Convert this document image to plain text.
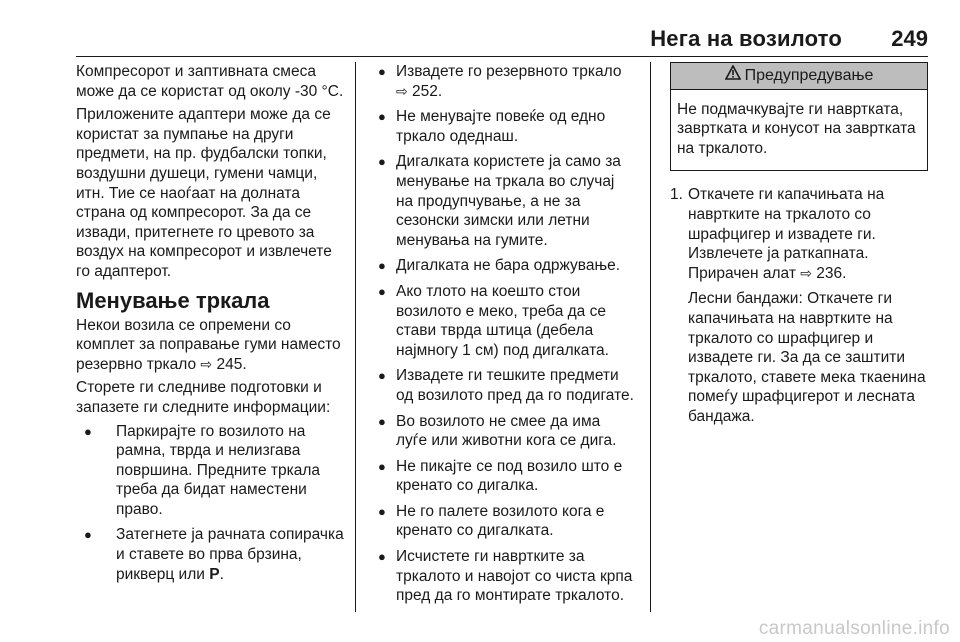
Нега на возилото 249

Компресорот и заптивната смеса може да се користат од околу -30 °C.

Приложените адаптери може да се користат за пумпање на други предмети, на пр. фудбалски топки, воздушни душеци, гумени чамци, итн. Тие се наоѓаат на долната страна од компресорот. За да се извади, притегнете го цревото за воздух на компресорот и извлечете го адаптерот.

Менување тркала

Некои возила се опремени со комплет за поправање гуми наместо резервно тркало ⇨ 245.

Сторете ги следниве подготовки и запазете ги следните информации:

● Паркирајте го возилото на рамна, тврда и нелизгава површина. Предните тркала треба да бидат наместени право.
● Затегнете ја рачната сопирачка и ставете во прва брзина, рикверц или P.
● Извадете го резервното тркало ⇨ 252.
● Не менувајте повеќе од едно тркало одеднаш.
● Дигалката користете ја само за менување на тркала во случај на продупчување, а не за сезонски зимски или летни менувања на гумите.
● Дигалката не бара одржување.
● Ако тлото на коешто стои возилото е меко, треба да се стави тврда штица (дебела најмногу 1 см) под дигалката.
● Извадете ги тешките предмети од возилото пред да го подигате.
● Во возилото не смее да има луѓе или животни кога се дига.
● Не пикајте се под возило што е кренато со дигалка.
● Не го палете возилото кога е кренато со дигалката.
● Исчистете ги навртките за тркалото и навојот со чиста крпа пред да го монтирате тркалото.
Предупредување
Не подмачкувајте ги навртката, завртката и конусот на завртката на тркалото.
1. Откачете ги капачињата на навртките на тркалото со шрафцигер и извадете ги. Извлечете ја раткапната. Прирачен алат ⇨ 236.

Лесни бандажи: Откачете ги капачињата на навртките на тркалото со шрафцигер и извадете ги. За да се заштити тркалото, ставете мека ткаенина помеѓу шрафцигерот и лесната бандажа.

carmanualsonline.info
